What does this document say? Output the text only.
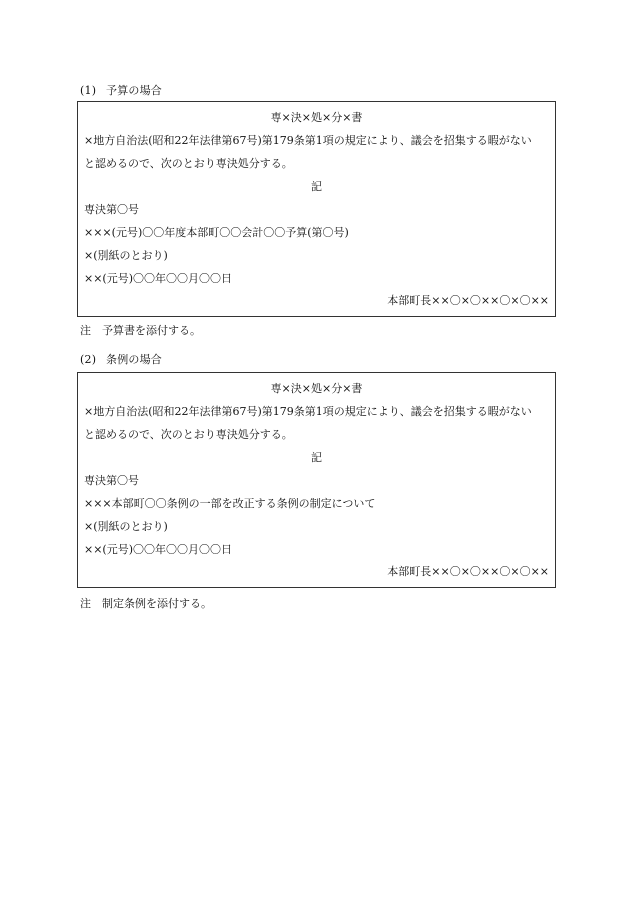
(1) 予算の場合
専×決×処×分×書
×地方自治法(昭和22年法律第67号)第179条第1項の規定により、議会を招集する暇がない
と認めるので、次のとおり専決処分する。
記
専決第〇号
×××(元号)〇〇年度本部町〇〇会計〇〇予算(第〇号)
×(別紙のとおり)
××(元号)〇〇年〇〇月〇〇日
本部町長××〇×〇××〇×〇××
注 予算書を添付する。
(2) 条例の場合
専×決×処×分×書
×地方自治法(昭和22年法律第67号)第179条第1項の規定により、議会を招集する暇がない
と認めるので、次のとおり専決処分する。
記
専決第〇号
×××本部町〇〇条例の一部を改正する条例の制定について
×(別紙のとおり)
××(元号)〇〇年〇〇月〇〇日
本部町長××〇×〇××〇×〇××
注 制定条例を添付する。
